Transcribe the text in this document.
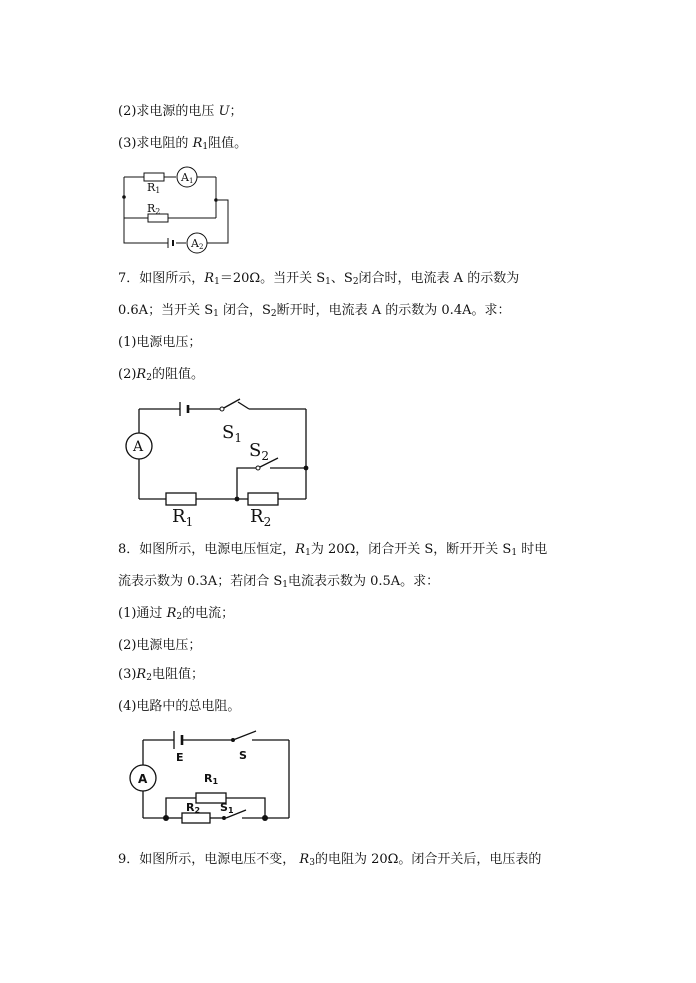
(2)求电源的电压 U；
(3)求电阻的 $R_1$阻值。
R1
R2
A1
A2
7．如图所示，$R_1=20\Omega$。当开关 $S_1$、$S_2$闭合时，电流表 A 的示数为
0.6A；当开关 $S_1$ 闭合，$S_2$断开时，电流表 A 的示数为 0.4A。求：
(1)电源电压；
$(2)R_2$的阻值。
A
$S_1$
$S_2$
$R_1$	$R_2$
8．如图所示，电源电压恒定，$R_1$为 20Ω，闭合开关 S，断开开关 $S_1$ 时电
流表示数为 0.3A；若闭合 $S_1$电流表示数为 0.5A。求：
(1)通过 $R_2$的电流；
(2)电源电压；
$(3)R_2$电阻值；
(4)电路中的总电阻。
A
E	S
R1
R2 S1
9．如图所示，电源电压不变， $R_3$的电阻为 20Ω。闭合开关后，电压表的
